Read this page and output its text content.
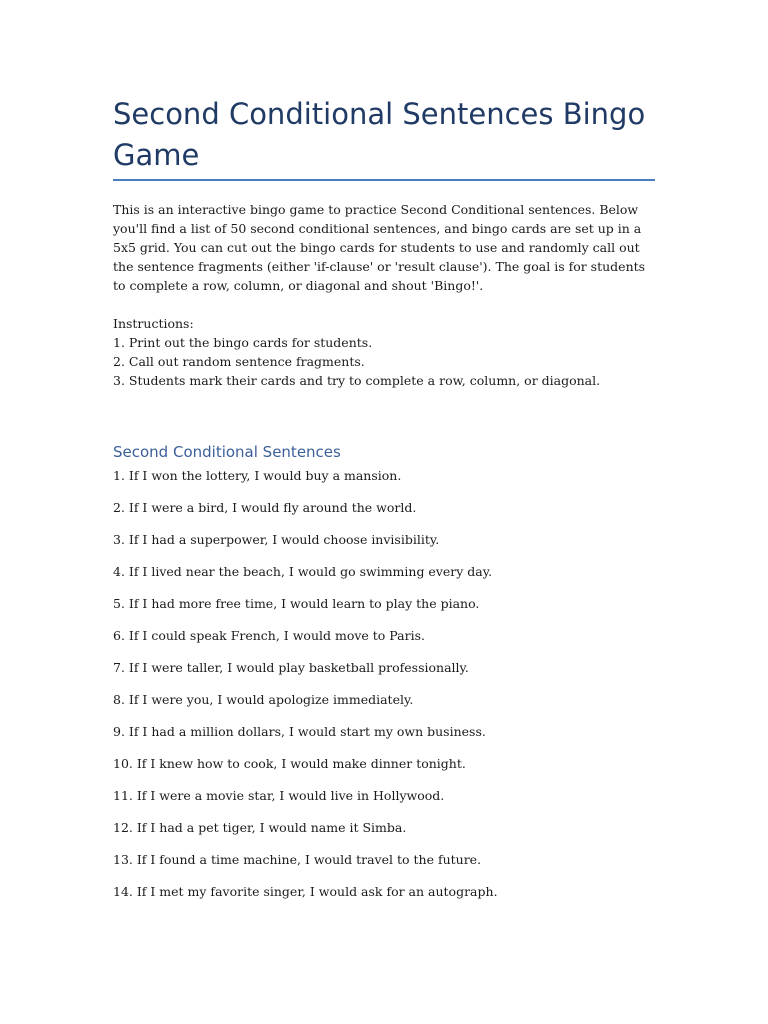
Second Conditional Sentences Bingo Game

This is an interactive bingo game to practice Second Conditional sentences. Below you'll find a list of 50 second conditional sentences, and bingo cards are set up in a 5x5 grid. You can cut out the bingo cards for students to use and randomly call out the sentence fragments (either 'if-clause' or 'result clause'). The goal is for students to complete a row, column, or diagonal and shout 'Bingo!'.

Instructions:
1. Print out the bingo cards for students.
2. Call out random sentence fragments.
3. Students mark their cards and try to complete a row, column, or diagonal.
Second Conditional Sentences
1. If I won the lottery, I would buy a mansion.
2. If I were a bird, I would fly around the world.
3. If I had a superpower, I would choose invisibility.
4. If I lived near the beach, I would go swimming every day.
5. If I had more free time, I would learn to play the piano.
6. If I could speak French, I would move to Paris.
7. If I were taller, I would play basketball professionally.
8. If I were you, I would apologize immediately.
9. If I had a million dollars, I would start my own business.
10. If I knew how to cook, I would make dinner tonight.
11. If I were a movie star, I would live in Hollywood.
12. If I had a pet tiger, I would name it Simba.
13. If I found a time machine, I would travel to the future.
14. If I met my favorite singer, I would ask for an autograph.
